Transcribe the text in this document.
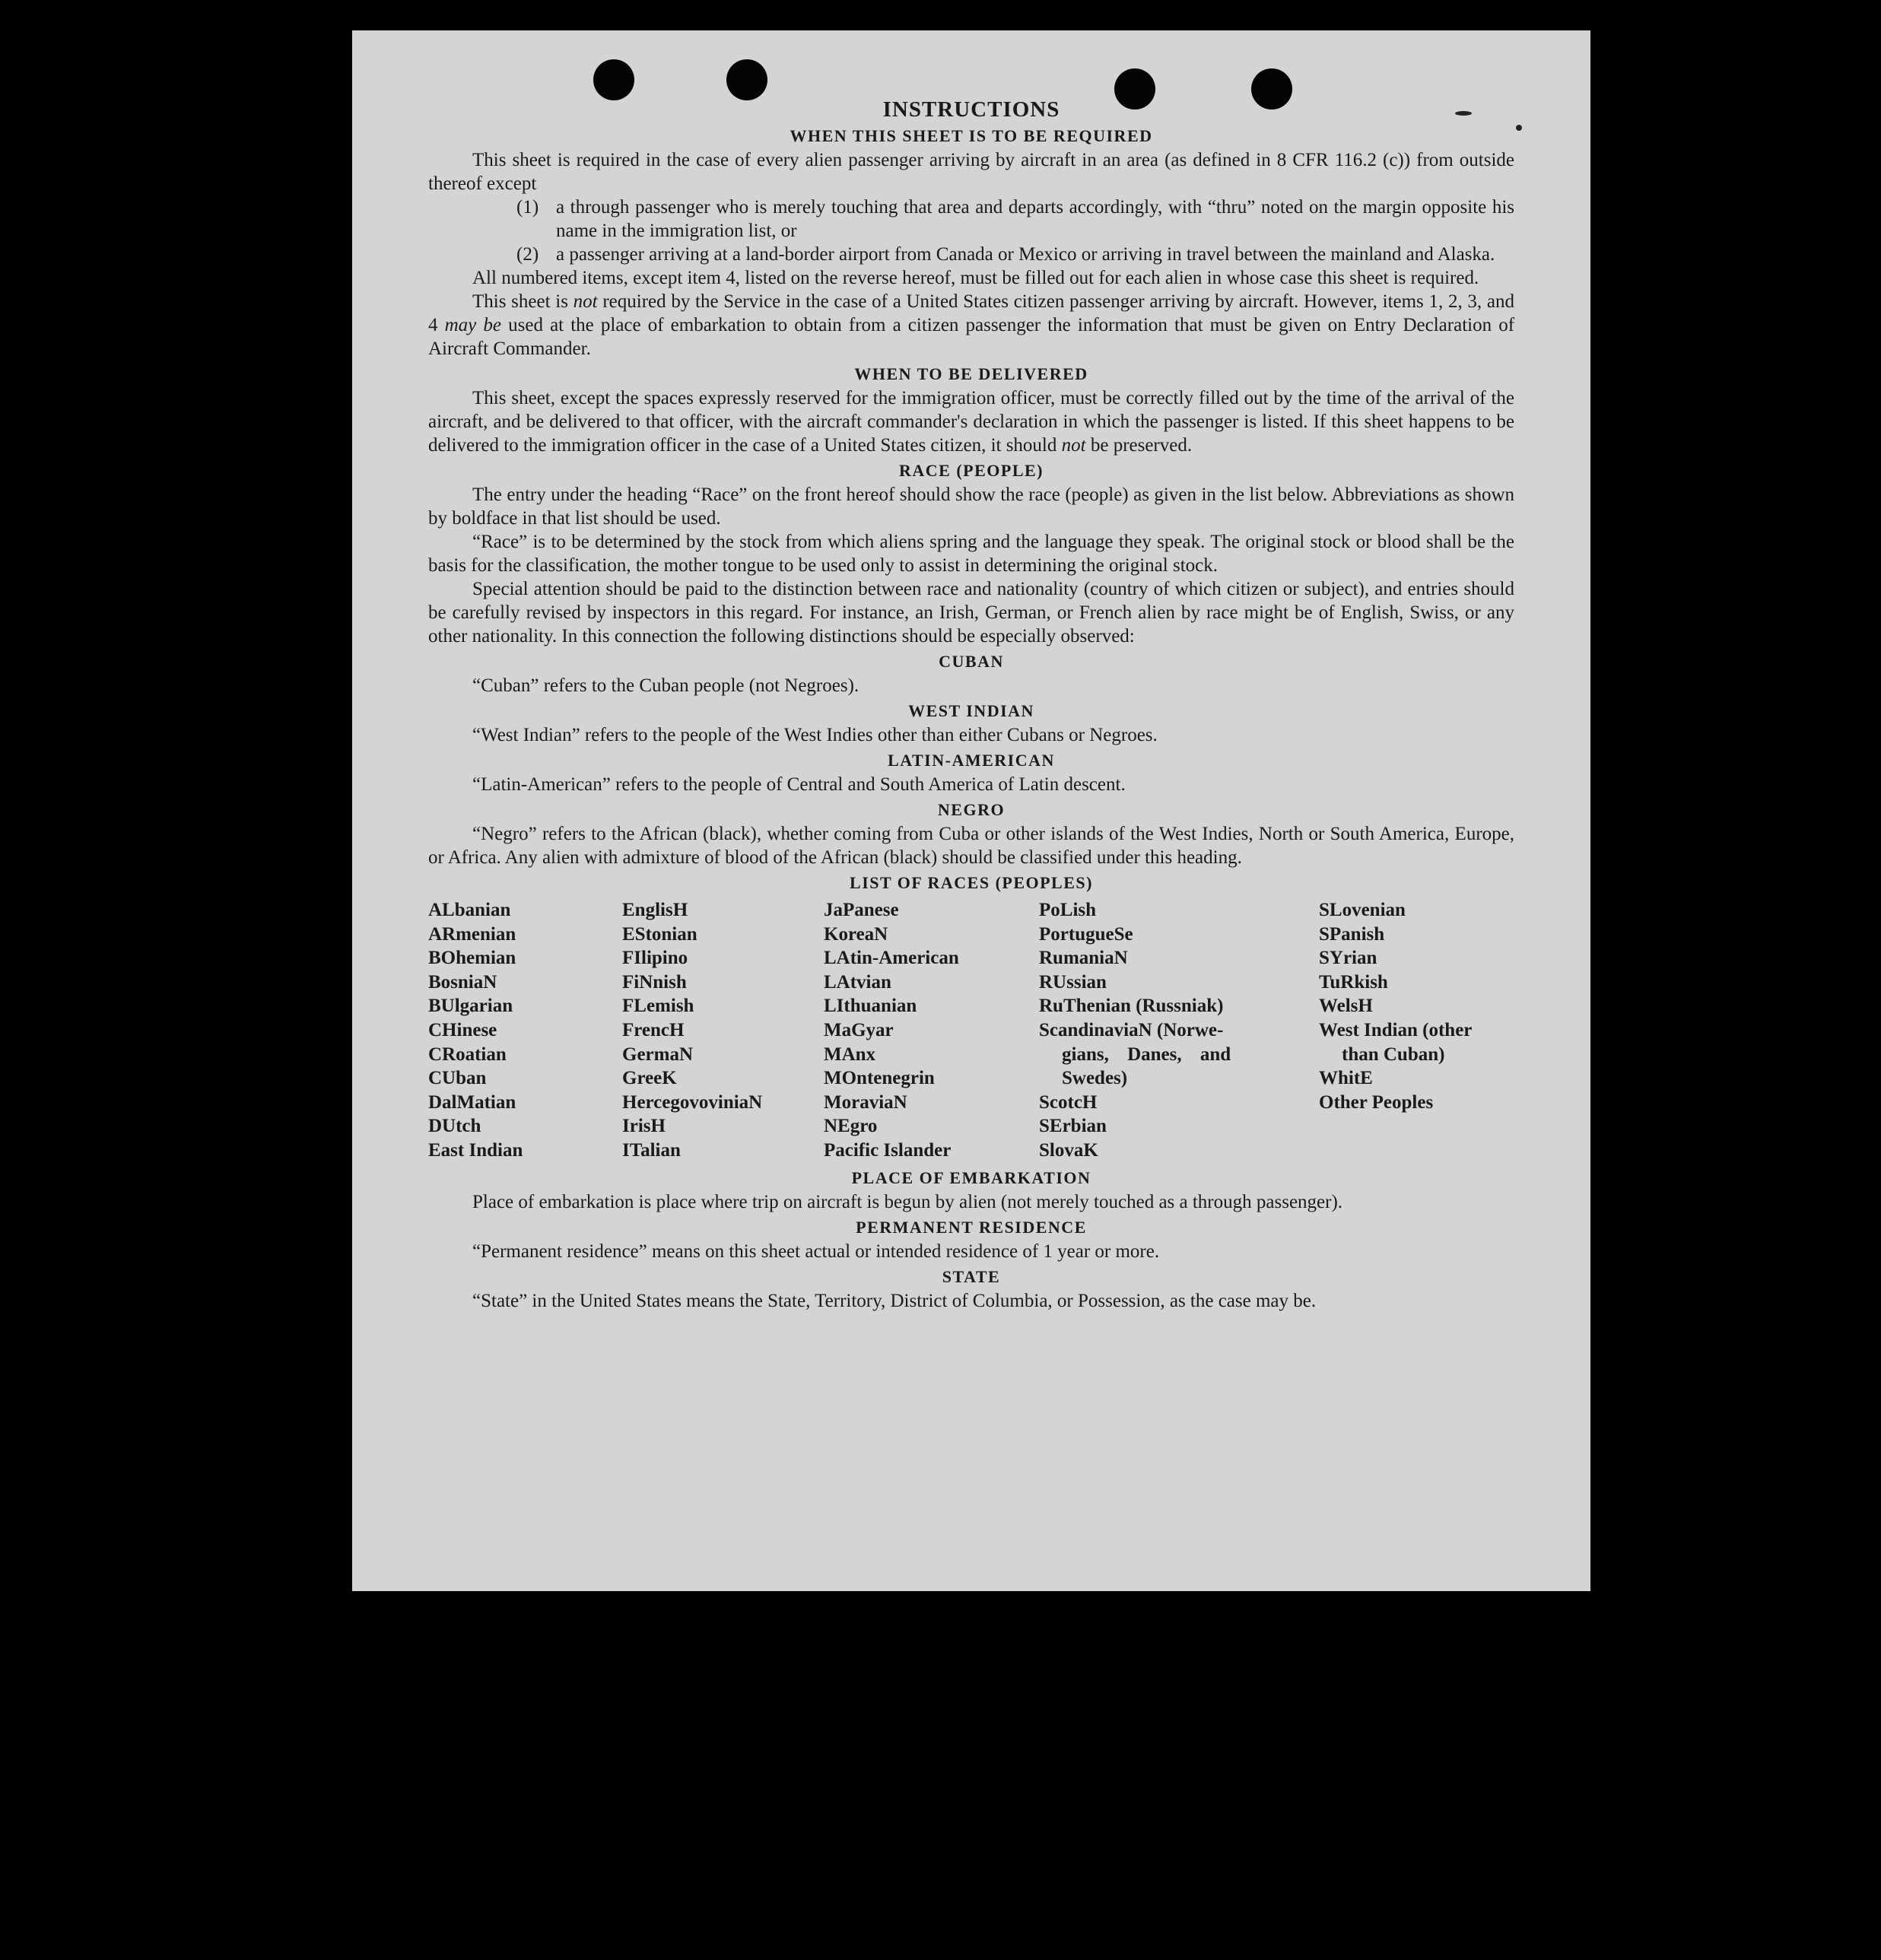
INSTRUCTIONS
WHEN THIS SHEET IS TO BE REQUIRED

This sheet is required in the case of every alien passenger arriving by aircraft in an area (as defined in 8 CFR 116.2 (c)) from outside thereof except

(1) a through passenger who is merely touching that area and departs accordingly, with “thru” noted on the margin opposite his name in the immigration list, or
(2) a passenger arriving at a land-border airport from Canada or Mexico or arriving in travel between the mainland and Alaska.

All numbered items, except item 4, listed on the reverse hereof, must be filled out for each alien in whose case this sheet is required.

This sheet is not required by the Service in the case of a United States citizen passenger arriving by aircraft. However, items 1, 2, 3, and 4 may be used at the place of embarkation to obtain from a citizen passenger the information that must be given on Entry Declaration of Aircraft Commander.

WHEN TO BE DELIVERED

This sheet, except the spaces expressly reserved for the immigration officer, must be correctly filled out by the time of the arrival of the aircraft, and be delivered to that officer, with the aircraft commander's declaration in which the passenger is listed. If this sheet happens to be delivered to the immigration officer in the case of a United States citizen, it should not be preserved.

RACE (PEOPLE)

The entry under the heading “Race” on the front hereof should show the race (people) as given in the list below. Abbreviations as shown by boldface in that list should be used.

“Race” is to be determined by the stock from which aliens spring and the language they speak. The original stock or blood shall be the basis for the classification, the mother tongue to be used only to assist in determining the original stock.

Special attention should be paid to the distinction between race and nationality (country of which citizen or subject), and entries should be carefully revised by inspectors in this regard. For instance, an Irish, German, or French alien by race might be of English, Swiss, or any other nationality. In this connection the following distinctions should be especially observed:

CUBAN

“Cuban” refers to the Cuban people (not Negroes).

WEST INDIAN

“West Indian” refers to the people of the West Indies other than either Cubans or Negroes.

LATIN-AMERICAN

“Latin-American” refers to the people of Central and South America of Latin descent.

NEGRO

“Negro” refers to the African (black), whether coming from Cuba or other islands of the West Indies, North or South America, Europe, or Africa. Any alien with admixture of blood of the African (black) should be classified under this heading.

LIST OF RACES (PEOPLES)
ALbanian
ARmenian
BOhemian
BosniaN
BUlgarian
CHinese
CRoatian
CUban
DalMatian
DUtch
East Indian
EnglisH
EStonian
FIlipino
FiNnish
FLemish
FrencH
GermaN
GreeK
HercegovoviniaN
IrisH
ITalian
JaPanese
KoreaN
LAtin-American
LAtvian
LIthuanian
MaGyar
MAnx
MOntenegrin
MoraviaN
NEgro
Pacific Islander
PoLish
PortugueSe
RumaniaN
RUssian
RuThenian (Russniak)
ScandinaviaN (Norwe-
gians, Danes, and
Swedes)
ScotcH
SErbian
SlovaK
SLovenian
SPanish
SYrian
TuRkish
WelsH
West Indian (other
than Cuban)
WhitE
Other Peoples
PLACE OF EMBARKATION

Place of embarkation is place where trip on aircraft is begun by alien (not merely touched as a through passenger).

PERMANENT RESIDENCE

“Permanent residence” means on this sheet actual or intended residence of 1 year or more.

STATE

“State” in the United States means the State, Territory, District of Columbia, or Possession, as the case may be.
